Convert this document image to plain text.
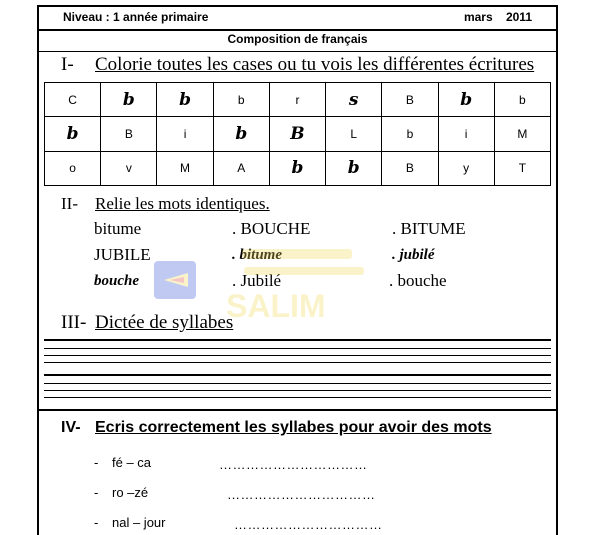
Niveau : 1 année primaire	mars 2011
Composition de français
I- Colorie toutes les cases ou tu vois les différentes écritures
C	b	b	b	r	s	B	b	b
b	B	i	b	B	L	b	i	M
o	v	M	A	b	b	B	y	T
II- Relie les mots identiques.
bitume
JUBILE
bouche
. BOUCHE
. bitume
. Jubilé
. BITUME
. jubilé
. bouche
SALIM
III- Dictée de syllabes
IV- Ecris correctement les syllabes pour avoir des mots
- fé – ca	……………………………
- ro –zé	……………………………
- nal – jour	……………………………
